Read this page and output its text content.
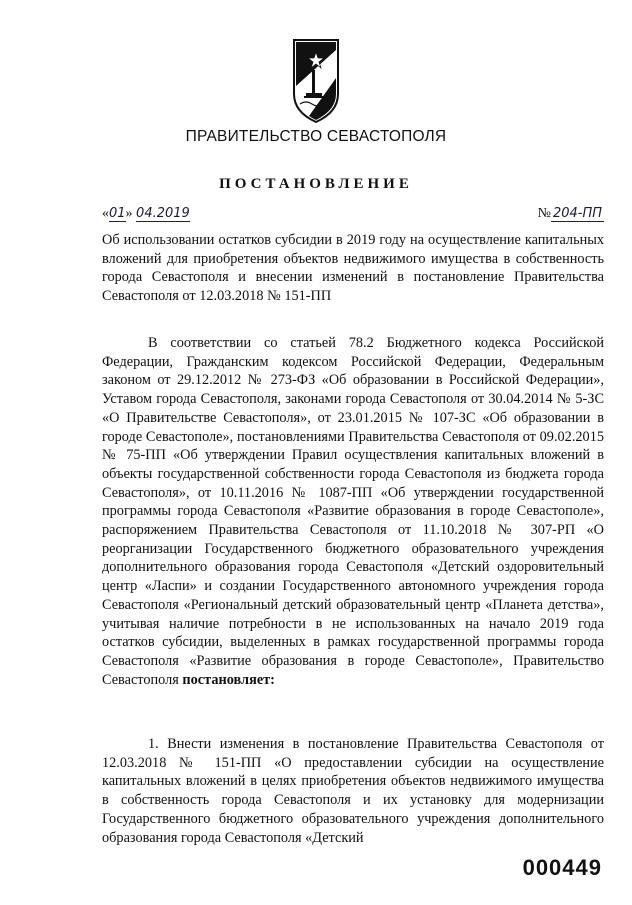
ПРАВИТЕЛЬСТВО СЕВАСТОПОЛЯ
ПОСТАНОВЛЕНИЕ
«01» 04.2019	№ 204-ПП
Об использовании остатков субсидии в 2019 году на осуществление капитальных вложений для приобретения объектов недвижимого имущества в собственность города Севастополя и внесении изменений в постановление Правительства Севастополя от 12.03.2018 № 151-ПП
В соответствии со статьей 78.2 Бюджетного кодекса Российской Федерации, Гражданским кодексом Российской Федерации, Федеральным законом от 29.12.2012 № 273-ФЗ «Об образовании в Российской Федерации», Уставом города Севастополя, законами города Севастополя от 30.04.2014 № 5-ЗС «О Правительстве Севастополя», от 23.01.2015 № 107-ЗС «Об образовании в городе Севастополе», постановлениями Правительства Севастополя от 09.02.2015 № 75-ПП «Об утверждении Правил осуществления капитальных вложений в объекты государственной собственности города Севастополя из бюджета города Севастополя», от 10.11.2016 № 1087-ПП «Об утверждении государственной программы города Севастополя «Развитие образования в городе Севастополе», распоряжением Правительства Севастополя от 11.10.2018 № 307-РП «О реорганизации Государственного бюджетного образовательного учреждения дополнительного образования города Севастополя «Детский оздоровительный центр «Ласпи» и создании Государственного автономного учреждения города Севастополя «Региональный детский образовательный центр «Планета детства», учитывая наличие потребности в не использованных на начало 2019 года остатков субсидии, выделенных в рамках государственной программы города Севастополя «Развитие образования в городе Севастополе», Правительство Севастополя постановляет:
1. Внести изменения в постановление Правительства Севастополя от 12.03.2018 № 151-ПП «О предоставлении субсидии на осуществление капитальных вложений в целях приобретения объектов недвижимого имущества в собственность города Севастополя и их установку для модернизации Государственного бюджетного образовательного учреждения дополнительного образования города Севастополя «Детский
000449
